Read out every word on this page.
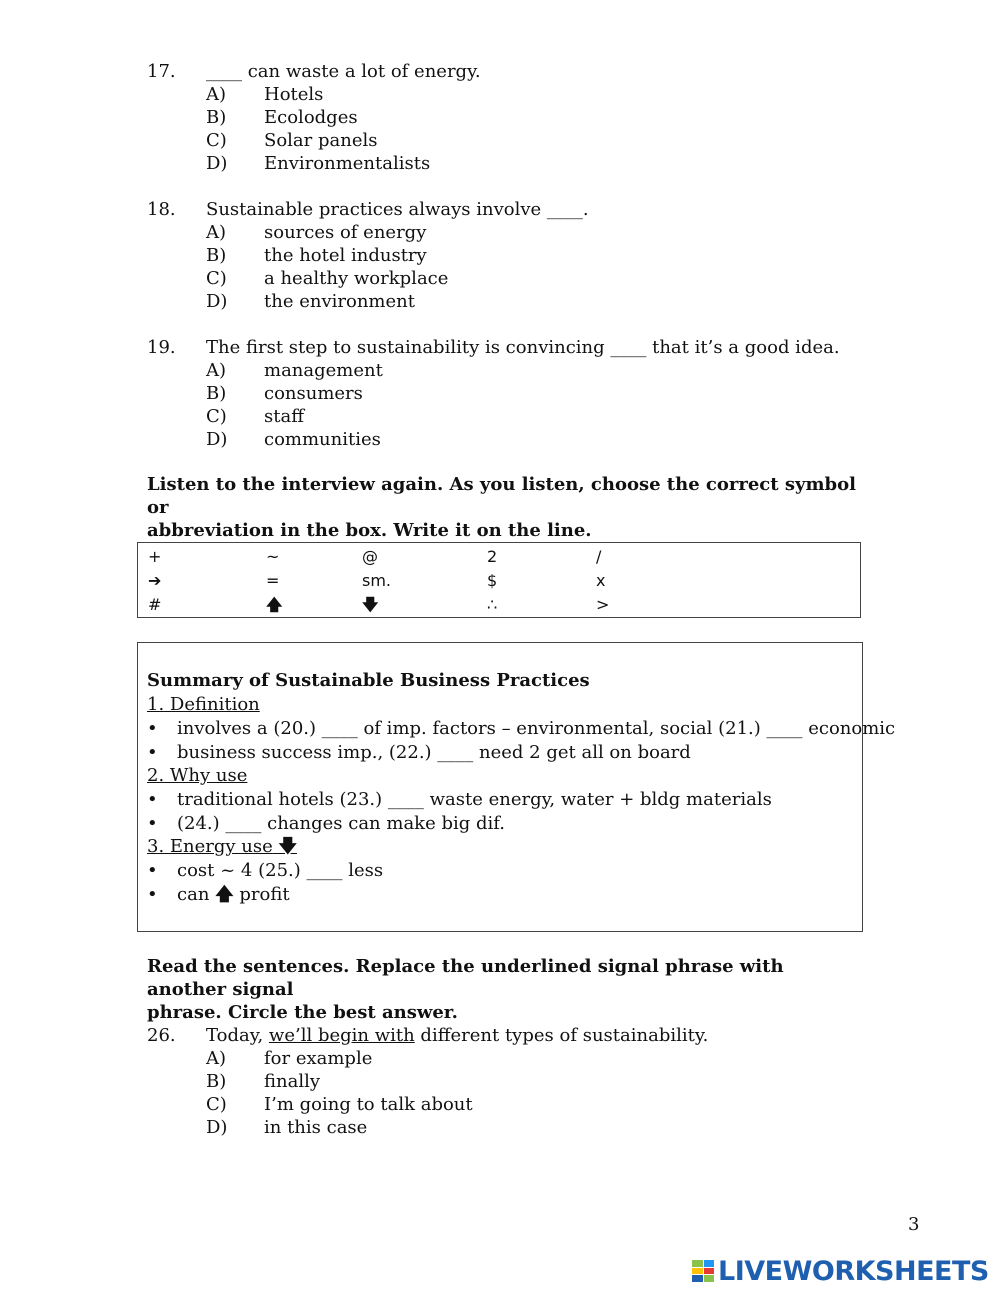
17. ____ can waste a lot of energy.
A) Hotels
B) Ecolodges
C) Solar panels
D) Environmentalists
18. Sustainable practices always involve ____.
A) sources of energy
B) the hotel industry
C) a healthy workplace
D) the environment
19. The first step to sustainability is convincing ____ that it’s a good idea.
A) management
B) consumers
C) staff
D) communities
Listen to the interview again. As you listen, choose the correct symbol or
abbreviation in the box. Write it on the line.
+	~	@	2	/
➔	=	sm.	$	x
#	🡅	🡇	∴	>
Summary of Sustainable Business Practices
1. Definition
• involves a (20.) ____ of imp. factors – environmental, social (21.) ____ economic
• business success imp., (22.) ____ need 2 get all on board
2. Why use
• traditional hotels (23.) ____ waste energy, water + bldg materials
• (24.) ____ changes can make big dif.
3. Energy use 🡇
• cost ~ 4 (25.) ____ less
• can 🡅 profit
Read the sentences. Replace the underlined signal phrase with another signal
phrase. Circle the best answer.
26. Today, we’ll begin with different types of sustainability.
A) for example
B) finally
C) I’m going to talk about
D) in this case
3
LIVEWORKSHEETS
